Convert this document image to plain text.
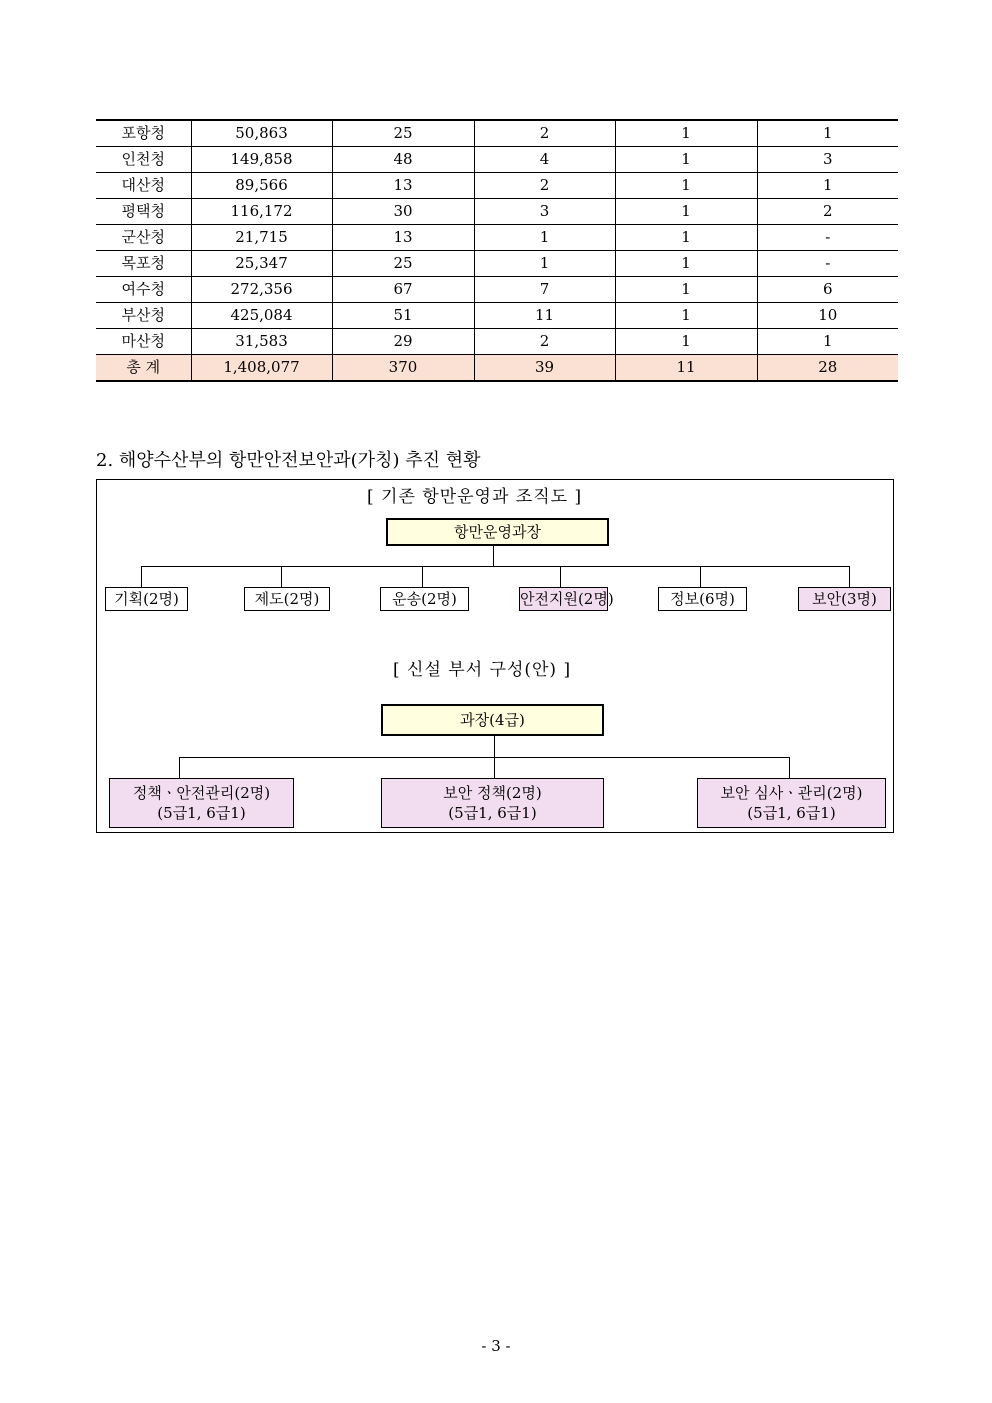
포항청	50,863	25	2	1	1
인천청	149,858	48	4	1	3
대산청	89,566	13	2	1	1
평택청	116,172	30	3	1	2
군산청	21,715	13	1	1	-
목포청	25,347	25	1	1	-
여수청	272,356	67	7	1	6
부산청	425,084	51	11	1	10
마산청	31,583	29	2	1	1
총 계	1,408,077	370	39	11	28
2. 해양수산부의 항만안전보안과(가칭) 추진 현황
[ 기존 항만운영과 조직도 ]
항만운영과장
기획(2명)	제도(2명)	운송(2명)	안전지원(2명)	정보(6명)	보안(3명)
[ 신설 부서 구성(안) ]
과장(4급)
정책ㆍ안전관리(2명)
(5급1, 6급1)
보안 정책(2명)
(5급1, 6급1)
보안 심사ㆍ관리(2명)
(5급1, 6급1)
- 3 -
